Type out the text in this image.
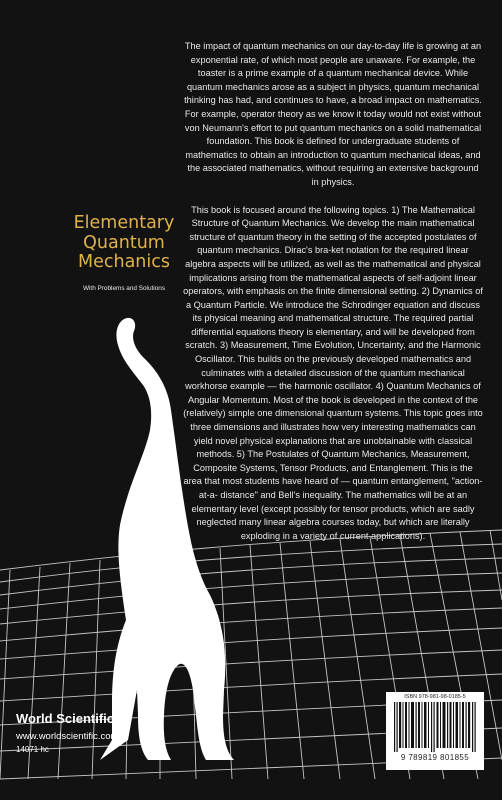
The impact of quantum mechanics on our day-to-day life is growing at an exponential rate, of which most people are unaware. For example, the toaster is a prime example of a quantum mechanical device. While quantum mechanics arose as a subject in physics, quantum mechanical thinking has had, and continues to have, a broad impact on mathematics. For example, operator theory as we know it today would not exist without von Neumann's effort to put quantum mechanics on a solid mathematical foundation. This book is defined for undergraduate students of mathematics to obtain an introduction to quantum mechanical ideas, and the associated mathematics, without requiring an extensive background in physics.

This book is focused around the following topics. 1) The Mathematical Structure of Quantum Mechanics. We develop the main mathematical structure of quantum theory in the setting of the accepted postulates of quantum mechanics. Dirac's bra-ket notation for the required linear algebra aspects will be utilized, as well as the mathematical and physical implications arising from the mathematical aspects of self-adjoint linear operators, with emphasis on the finite dimensional setting. 2) Dynamics of a Quantum Particle. We introduce the Schrodinger equation and discuss its physical meaning and mathematical structure. The required partial differential equations theory is elementary, and will be developed from scratch. 3) Measurement, Time Evolution, Uncertainty, and the Harmonic Oscillator. This builds on the previously developed mathematics and culminates with a detailed discussion of the quantum mechanical workhorse example — the harmonic oscillator. 4) Quantum Mechanics of Angular Momentum. Most of the book is developed in the context of the (relatively) simple one dimensional quantum systems. This topic goes into three dimensions and illustrates how very interesting mathematics can yield novel physical explanations that are unobtainable with classical methods. 5) The Postulates of Quantum Mechanics, Measurement, Composite Systems, Tensor Products, and Entanglement. This is the area that most students have heard of — quantum entanglement, "action-at-a- distance" and Bell's inequality. The mathematics will be at an elementary level (except possibly for tensor products, which are sadly neglected many linear algebra courses today, but which are literally exploding in a variety of current applications).

Elementary
Quantum
Mechanics
With Problems and Solutions
World Scientific
www.worldscientific.com
14071 hc
ISBN 978-981-98-0185-5
9 789819 801855
